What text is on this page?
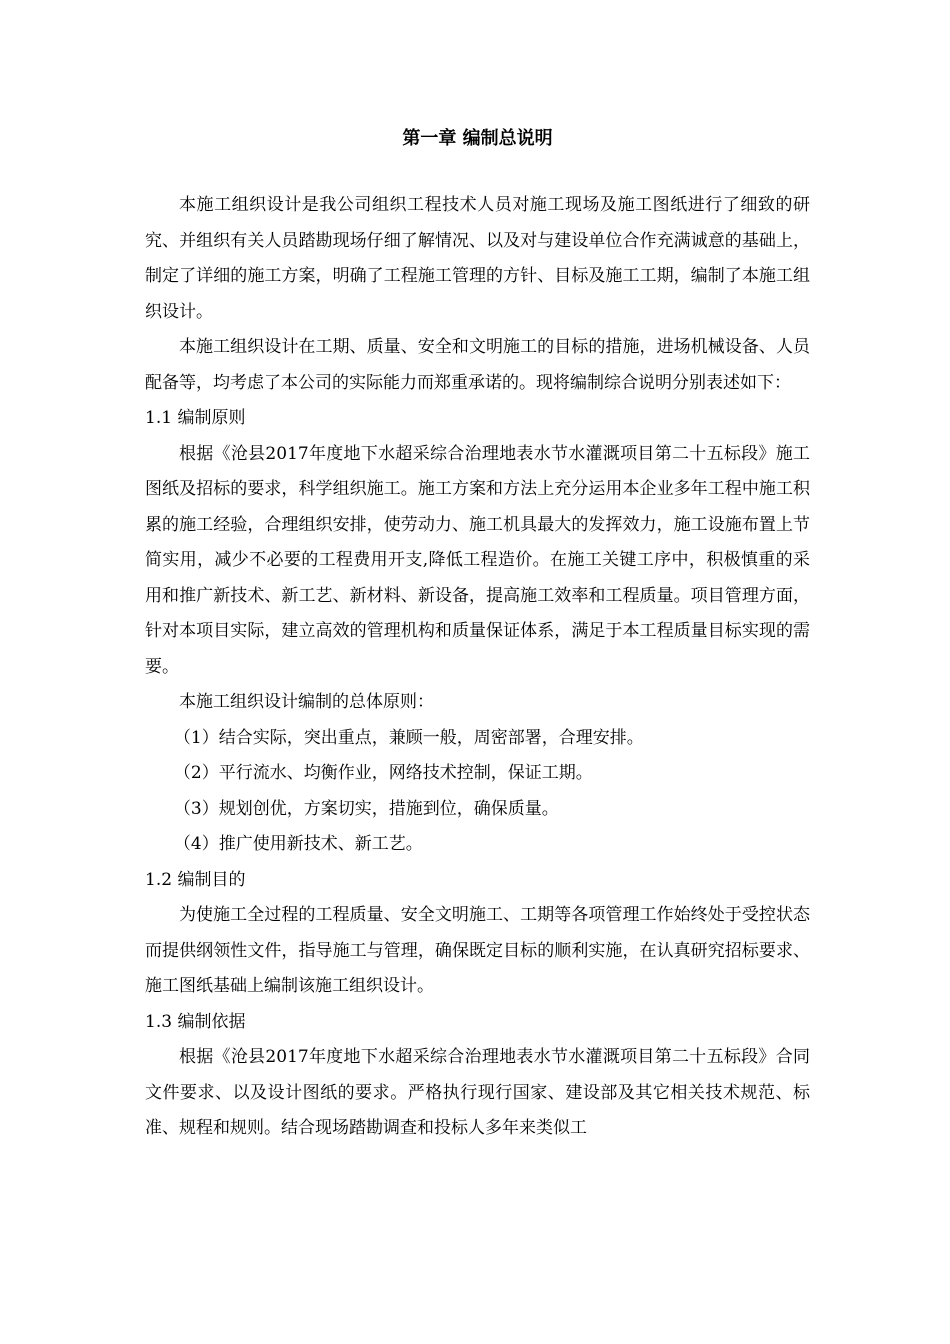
第一章 编制总说明

本施工组织设计是我公司组织工程技术人员对施工现场及施工图纸进行了细致的研究、并组织有关人员踏勘现场仔细了解情况、以及对与建设单位合作充满诚意的基础上，制定了详细的施工方案，明确了工程施工管理的方针、目标及施工工期，编制了本施工组织设计。

本施工组织设计在工期、质量、安全和文明施工的目标的措施，进场机械设备、人员配备等，均考虑了本公司的实际能力而郑重承诺的。现将编制综合说明分别表述如下：

1.1 编制原则

根据《沧县2017年度地下水超采综合治理地表水节水灌溉项目第二十五标段》施工图纸及招标的要求，科学组织施工。施工方案和方法上充分运用本企业多年工程中施工积累的施工经验，合理组织安排，使劳动力、施工机具最大的发挥效力，施工设施布置上节简实用，减少不必要的工程费用开支,降低工程造价。在施工关键工序中，积极慎重的采用和推广新技术、新工艺、新材料、新设备，提高施工效率和工程质量。项目管理方面，针对本项目实际，建立高效的管理机构和质量保证体系，满足于本工程质量目标实现的需要。

本施工组织设计编制的总体原则：

（1）结合实际，突出重点，兼顾一般，周密部署，合理安排。

（2）平行流水、均衡作业，网络技术控制，保证工期。

（3）规划创优，方案切实，措施到位，确保质量。

（4）推广使用新技术、新工艺。

1.2 编制目的

为使施工全过程的工程质量、安全文明施工、工期等各项管理工作始终处于受控状态而提供纲领性文件，指导施工与管理，确保既定目标的顺利实施，在认真研究招标要求、施工图纸基础上编制该施工组织设计。

1.3 编制依据

根据《沧县2017年度地下水超采综合治理地表水节水灌溉项目第二十五标段》合同文件要求、以及设计图纸的要求。严格执行现行国家、建设部及其它相关技术规范、标准、规程和规则。结合现场踏勘调查和投标人多年来类似工
